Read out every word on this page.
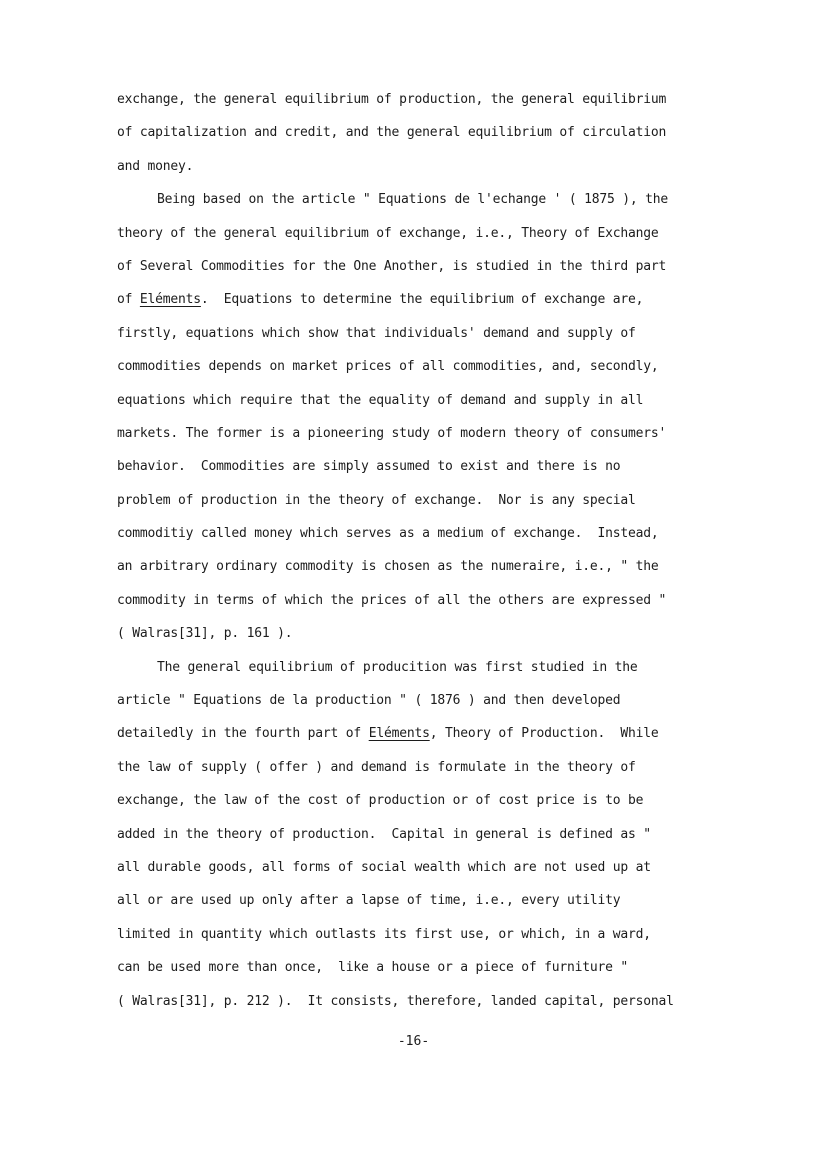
exchange, the general equilibrium of production, the general equilibrium
of capitalization and credit, and the general equilibrium of circulation
and money.
Being based on the article " Equations de l'echange ' ( 1875 ), the
theory of the general equilibrium of exchange, i.e., Theory of Exchange
of Several Commodities for the One Another, is studied in the third part
of Eléments.  Equations to determine the equilibrium of exchange are,
firstly, equations which show that individuals' demand and supply of
commodities depends on market prices of all commodities, and, secondly,
equations which require that the equality of demand and supply in all
markets. The former is a pioneering study of modern theory of consumers'
behavior.  Commodities are simply assumed to exist and there is no
problem of production in the theory of exchange.  Nor is any special
commoditiy called money which serves as a medium of exchange.  Instead,
an arbitrary ordinary commodity is chosen as the numeraire, i.e., " the
commodity in terms of which the prices of all the others are expressed "
( Walras[31], p. 161 ).
The general equilibrium of producition was first studied in the
article " Equations de la production " ( 1876 ) and then developed
detailedly in the fourth part of Eléments, Theory of Production.  While
the law of supply ( offer ) and demand is formulate in the theory of
exchange, the law of the cost of production or of cost price is to be
added in the theory of production.  Capital in general is defined as "
all durable goods, all forms of social wealth which are not used up at
all or are used up only after a lapse of time, i.e., every utility
limited in quantity which outlasts its first use, or which, in a ward,
can be used more than once,  like a house or a piece of furniture "
( Walras[31], p. 212 ).  It consists, therefore, landed capital, personal
-16-
